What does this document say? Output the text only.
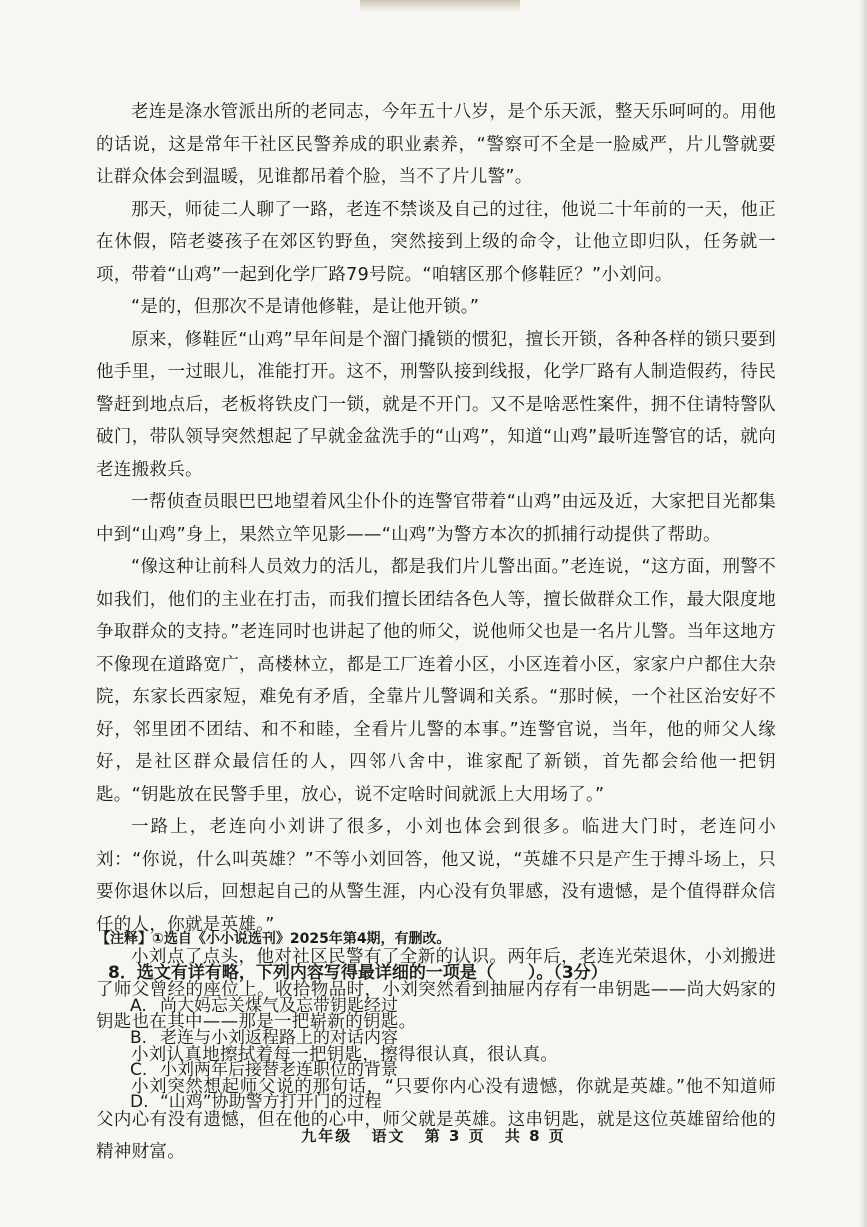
老连是涤水管派出所的老同志，今年五十八岁，是个乐天派，整天乐呵呵的。用他的话说，这是常年干社区民警养成的职业素养，“警察可不全是一脸威严，片儿警就要让群众体会到温暖，见谁都吊着个脸，当不了片儿警”。

那天，师徒二人聊了一路，老连不禁谈及自己的过往，他说二十年前的一天，他正在休假，陪老婆孩子在郊区钓野鱼，突然接到上级的命令，让他立即归队，任务就一项，带着“山鸡”一起到化学厂路79号院。“咱辖区那个修鞋匠？”小刘问。

“是的，但那次不是请他修鞋，是让他开锁。”

原来，修鞋匠“山鸡”早年间是个溜门撬锁的惯犯，擅长开锁，各种各样的锁只要到他手里，一过眼儿，准能打开。这不，刑警队接到线报，化学厂路有人制造假药，待民警赶到地点后，老板将铁皮门一锁，就是不开门。又不是啥恶性案件，拥不住请特警队破门，带队领导突然想起了早就金盆洗手的“山鸡”，知道“山鸡”最听连警官的话，就向老连搬救兵。

一帮侦查员眼巴巴地望着风尘仆仆的连警官带着“山鸡”由远及近，大家把目光都集中到“山鸡”身上，果然立竿见影——“山鸡”为警方本次的抓捕行动提供了帮助。

“像这种让前科人员效力的活儿，都是我们片儿警出面。”老连说，“这方面，刑警不如我们，他们的主业在打击，而我们擅长团结各色人等，擅长做群众工作，最大限度地争取群众的支持。”老连同时也讲起了他的师父，说他师父也是一名片儿警。当年这地方不像现在道路宽广，高楼林立，都是工厂连着小区，小区连着小区，家家户户都住大杂院，东家长西家短，难免有矛盾，全靠片儿警调和关系。“那时候，一个社区治安好不好，邻里团不团结、和不和睦，全看片儿警的本事。”连警官说，当年，他的师父人缘好，是社区群众最信任的人，四邻八舍中，谁家配了新锁，首先都会给他一把钥匙。“钥匙放在民警手里，放心，说不定啥时间就派上大用场了。”

一路上，老连向小刘讲了很多，小刘也体会到很多。临进大门时，老连问小刘：“你说，什么叫英雄？”不等小刘回答，他又说，“英雄不只是产生于搏斗场上，只要你退休以后，回想起自己的从警生涯，内心没有负罪感，没有遗憾，是个值得群众信任的人，你就是英雄。”

小刘点了点头，他对社区民警有了全新的认识。两年后，老连光荣退休，小刘搬进了师父曾经的座位上。收拾物品时，小刘突然看到抽屉内存有一串钥匙——尚大妈家的钥匙也在其中——那是一把崭新的钥匙。

小刘认真地擦拭着每一把钥匙，擦得很认真，很认真。

小刘突然想起师父说的那句话，“只要你内心没有遗憾，你就是英雄。”他不知道师父内心有没有遗憾，但在他的心中，师父就是英雄。这串钥匙，就是这位英雄留给他的精神财富。

【注释】①选自《小小说选刊》2025年第4期，有删改。
8．选文有详有略，下列内容写得最详细的一项是（　　）。（3分）
A. 尚大妈忘关煤气及忘带钥匙经过
B. 老连与小刘返程路上的对话内容
C. 小刘两年后接替老连职位的背景
D. “山鸡”协助警方打开门的过程
九年级 语文 第 3 页 共 8 页
